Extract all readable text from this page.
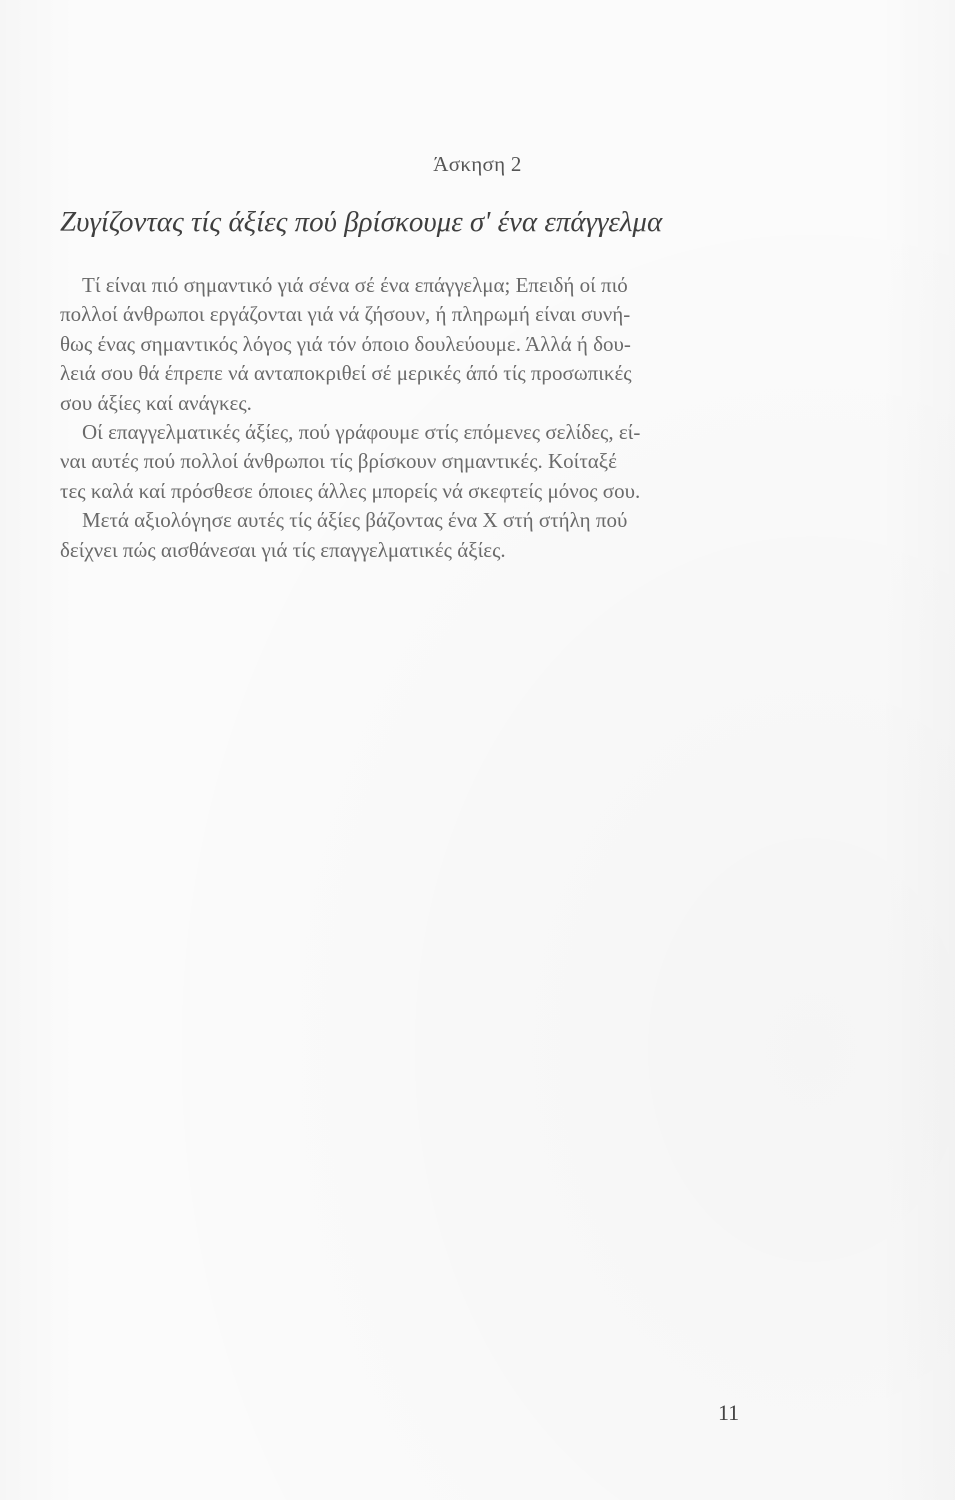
Άσκηση 2
Ζυγίζοντας τίς άξίες πού βρίσκουμε σ' ένα επάγγελμα

Τί είναι πιό σημαντικό γιά σένα σέ ένα επάγγελμα; Επειδή οί πιό
πολλοί άνθρωποι εργάζονται γιά νά ζήσουν, ή πληρωμή είναι συνή-
θως ένας σημαντικός λόγος γιά τόν όποιο δουλεύουμε. Άλλά ή δου-
λειά σου θά έπρεπε νά ανταποκριθεί σέ μερικές άπό τίς προσωπικές
σου άξίες καί ανάγκες.

Οί επαγγελματικές άξίες, πού γράφουμε στίς επόμενες σελίδες, εί-
ναι αυτές πού πολλοί άνθρωποι τίς βρίσκουν σημαντικές. Κοίταξέ
τες καλά καί πρόσθεσε όποιες άλλες μπορείς νά σκεφτείς μόνος σου.

Μετά αξιολόγησε αυτές τίς άξίες βάζοντας ένα Χ στή στήλη πού
δείχνει πώς αισθάνεσαι γιά τίς επαγγελματικές άξίες.

11
